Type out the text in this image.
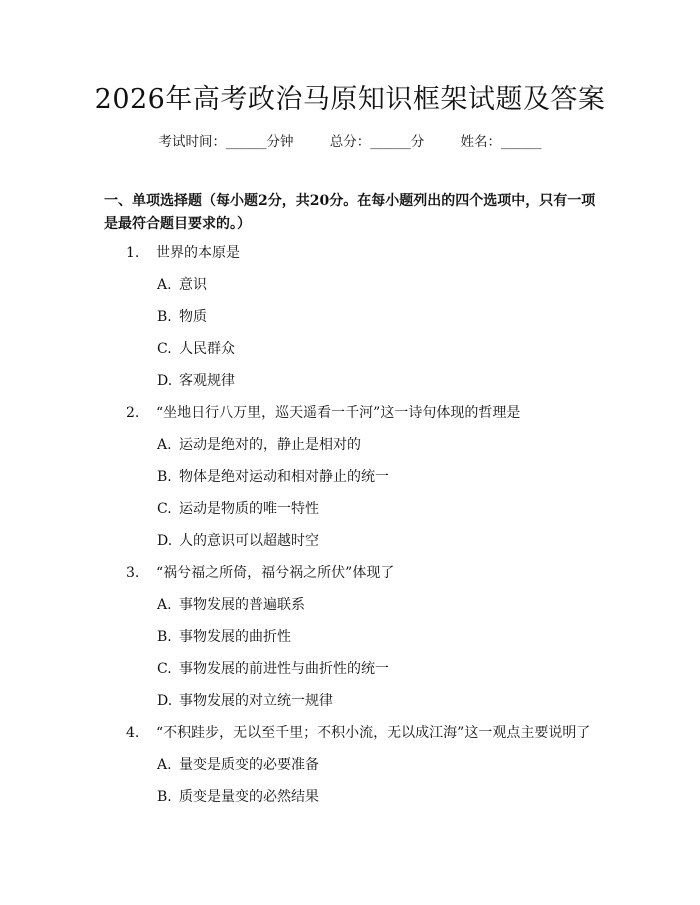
2026年高考政治马原知识框架试题及答案
考试时间：______分钟	总分：______分	姓名：______
一、单项选择题（每小题2分，共20分。在每小题列出的四个选项中，只有一项是最符合题目要求的。）
1. 世界的本原是
A. 意识
B. 物质
C. 人民群众
D. 客观规律
2. “坐地日行八万里，巡天遥看一千河”这一诗句体现的哲理是
A. 运动是绝对的，静止是相对的
B. 物体是绝对运动和相对静止的统一
C. 运动是物质的唯一特性
D. 人的意识可以超越时空
3. “祸兮福之所倚，福兮祸之所伏”体现了
A. 事物发展的普遍联系
B. 事物发展的曲折性
C. 事物发展的前进性与曲折性的统一
D. 事物发展的对立统一规律
4. “不积跬步，无以至千里；不积小流，无以成江海”这一观点主要说明了
A. 量变是质变的必要准备
B. 质变是量变的必然结果
